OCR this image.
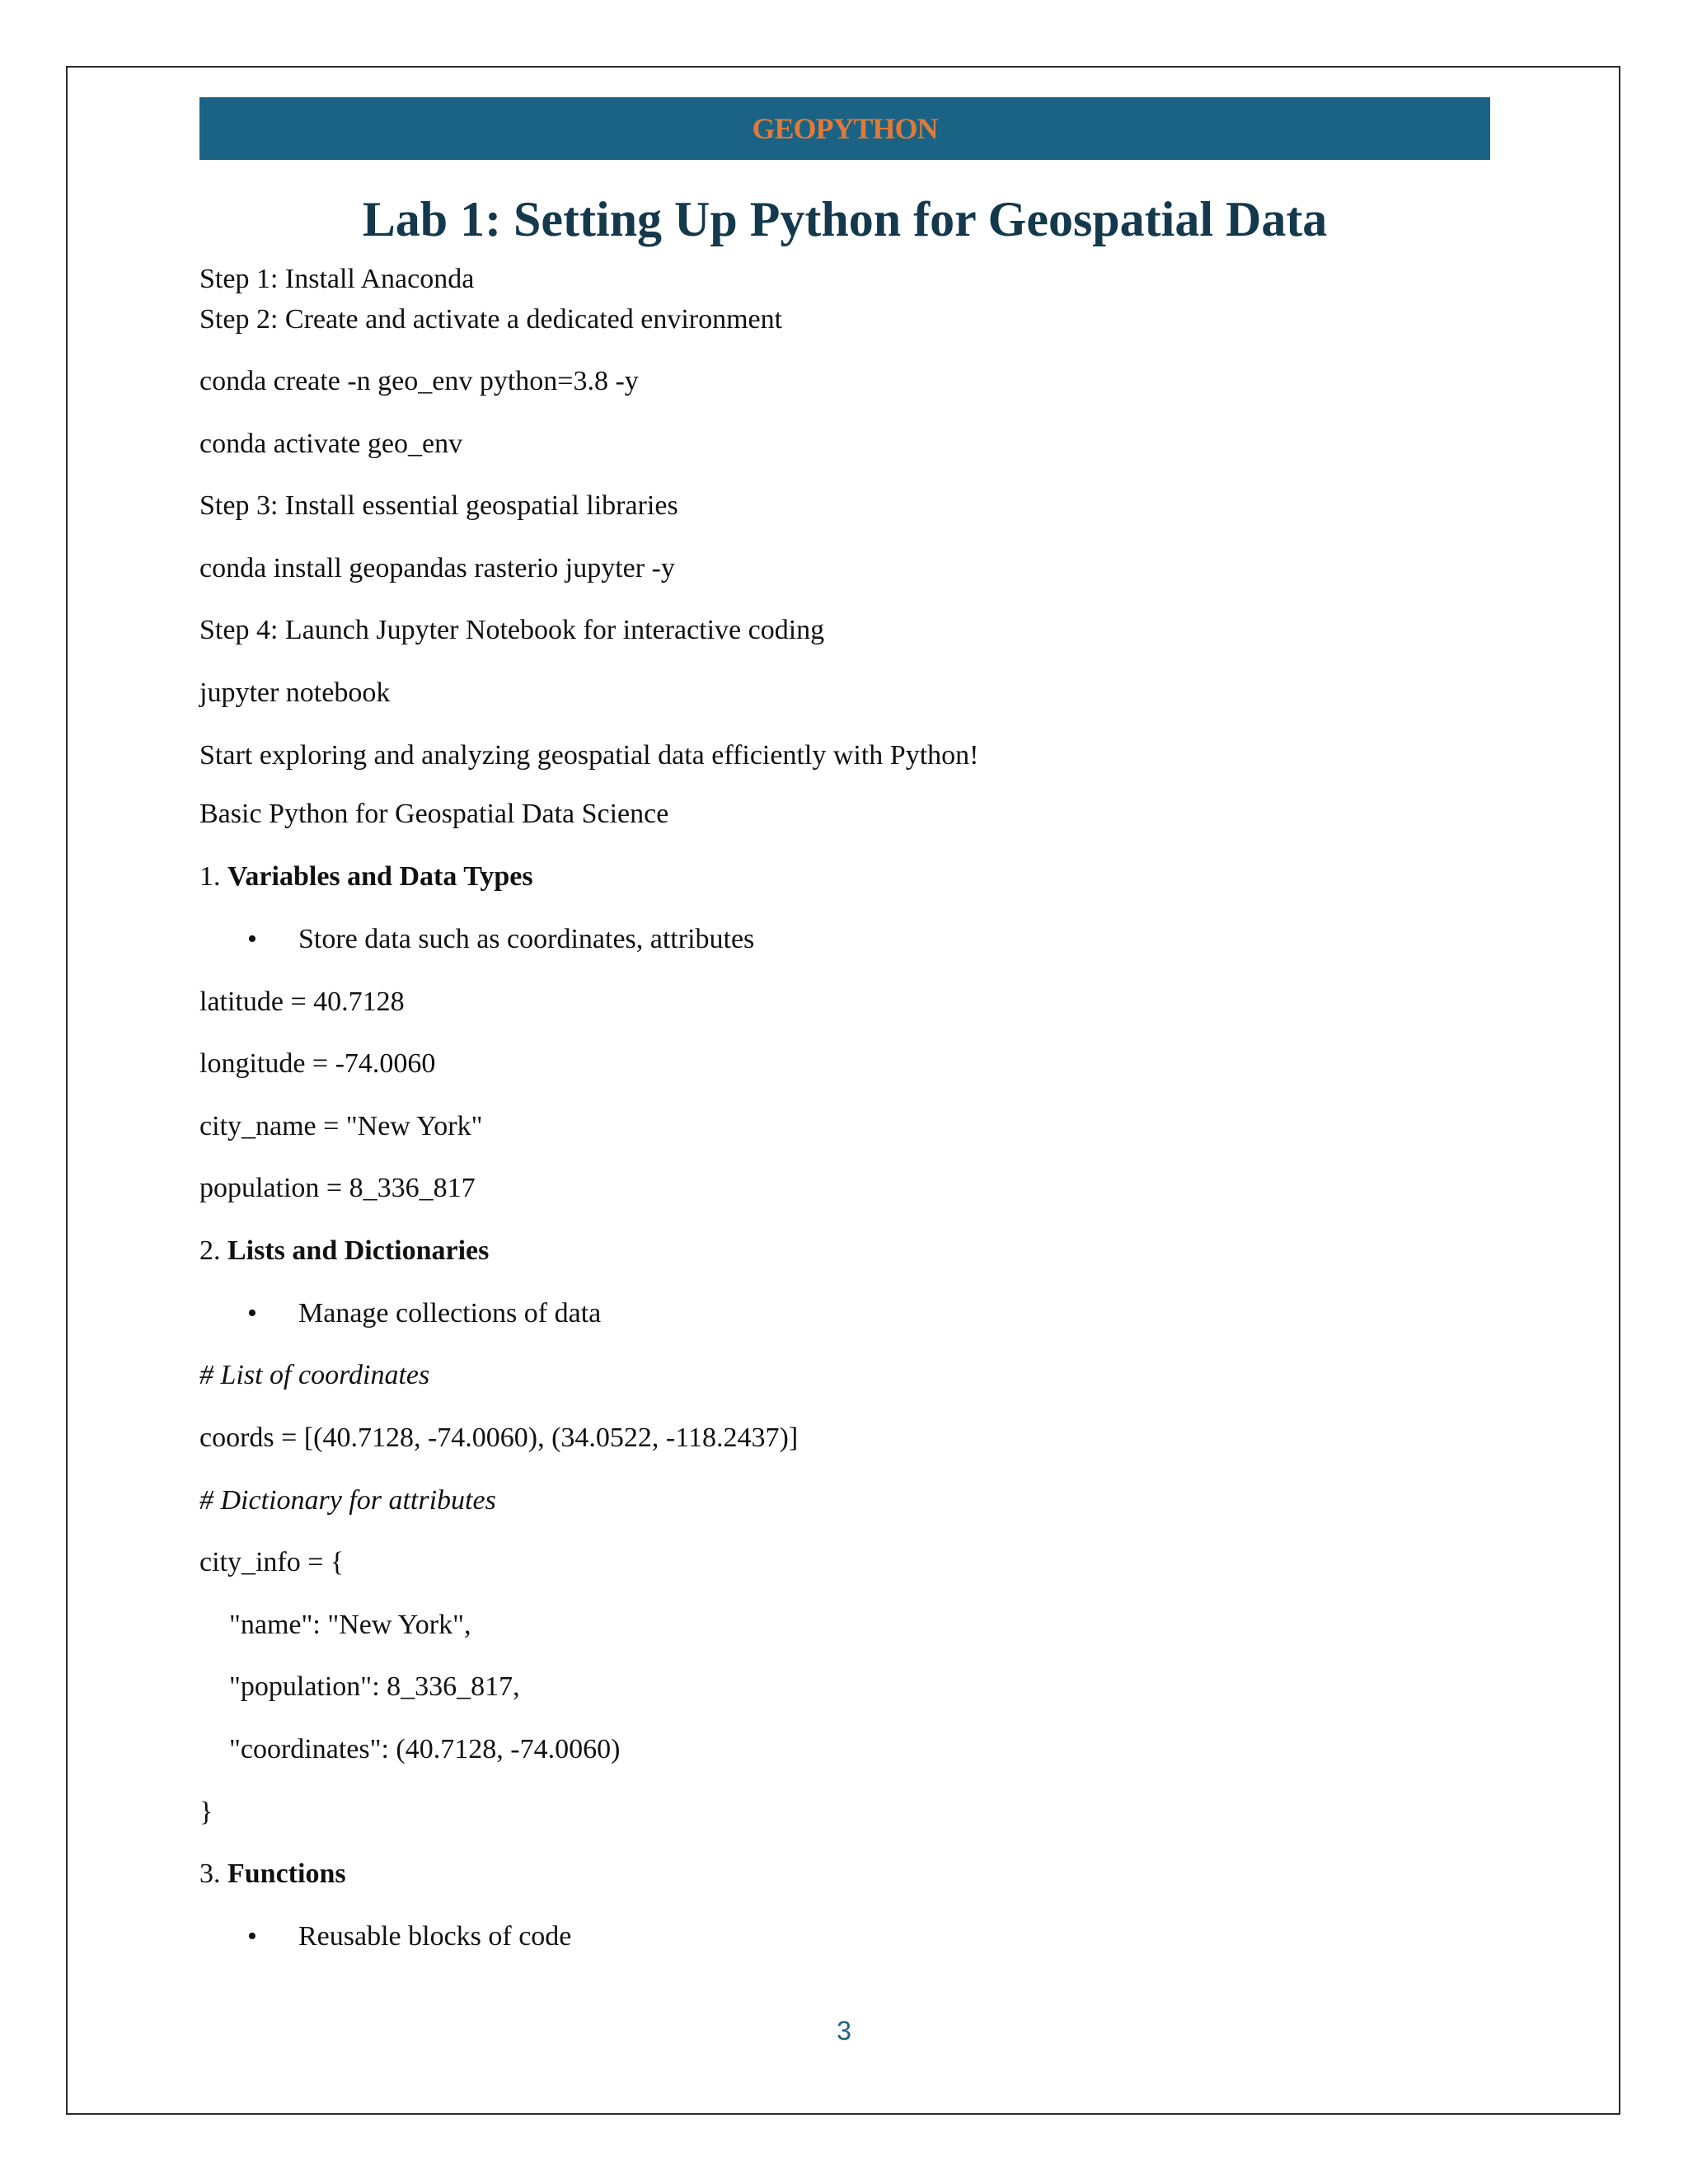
GEOPYTHON
Lab 1: Setting Up Python for Geospatial Data
Step 1: Install Anaconda
Step 2: Create and activate a dedicated environment
conda create -n geo_env python=3.8 -y
conda activate geo_env
Step 3: Install essential geospatial libraries
conda install geopandas rasterio jupyter -y
Step 4: Launch Jupyter Notebook for interactive coding
jupyter notebook
Start exploring and analyzing geospatial data efficiently with Python!
Basic Python for Geospatial Data Science
1. Variables and Data Types
• Store data such as coordinates, attributes
latitude = 40.7128
longitude = -74.0060
city_name = "New York"
population = 8_336_817
2. Lists and Dictionaries
• Manage collections of data
# List of coordinates
coords = [(40.7128, -74.0060), (34.0522, -118.2437)]
# Dictionary for attributes
city_info = {
"name": "New York",
"population": 8_336_817,
"coordinates": (40.7128, -74.0060)
}
3. Functions
• Reusable blocks of code
3
